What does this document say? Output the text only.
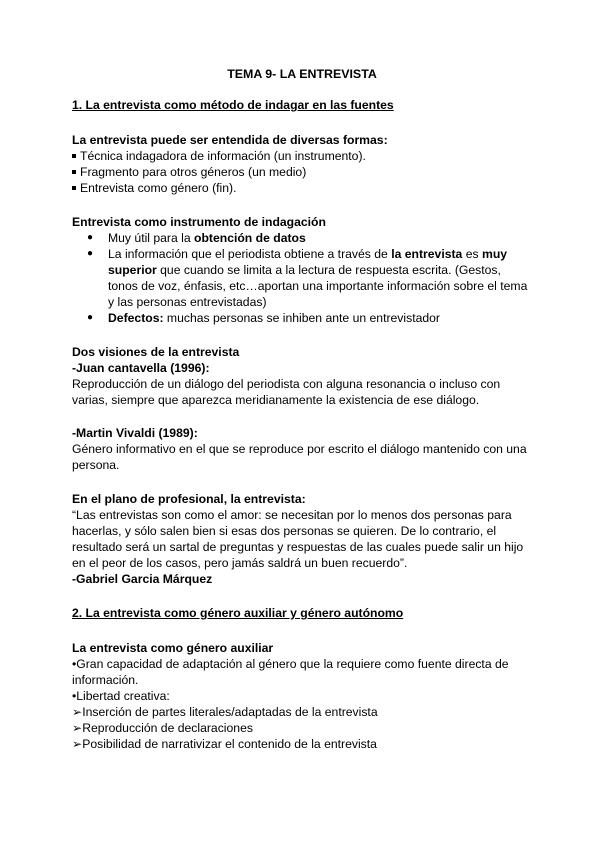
TEMA 9- LA ENTREVISTA

1. La entrevista como método de indagar en las fuentes

La entrevista puede ser entendida de diversas formas:

Técnica indagadora de información (un instrumento).

Fragmento para otros géneros (un medio)

Entrevista como género (fin).

Entrevista como instrumento de indagación

● Muy útil para la obtención de datos
● La información que el periodista obtiene a través de la entrevista es muy superior que cuando se limita a la lectura de respuesta escrita. (Gestos, tonos de voz, énfasis, etc…aportan una importante información sobre el tema y las personas entrevistadas)
● Defectos: muchas personas se inhiben ante un entrevistador

Dos visiones de la entrevista

-Juan cantavella (1996):

Reproducción de un diálogo del periodista con alguna resonancia o incluso con varias, siempre que aparezca meridianamente la existencia de ese diálogo.

-Martin Vivaldi (1989):

Género informativo en el que se reproduce por escrito el diálogo mantenido con una persona.

En el plano de profesional, la entrevista:

“Las entrevistas son como el amor: se necesitan por lo menos dos personas para hacerlas, y sólo salen bien si esas dos personas se quieren. De lo contrario, el resultado será un sartal de preguntas y respuestas de las cuales puede salir un hijo en el peor de los casos, pero jamás saldrá un buen recuerdo”.

-Gabriel Garcia Márquez

2. La entrevista como género auxiliar y género autónomo

La entrevista como género auxiliar

•Gran capacidad de adaptación al género que la requiere como fuente directa de información.

•Libertad creativa:

➢Inserción de partes literales/adaptadas de la entrevista

➢Reproducción de declaraciones

➢Posibilidad de narrativizar el contenido de la entrevista
